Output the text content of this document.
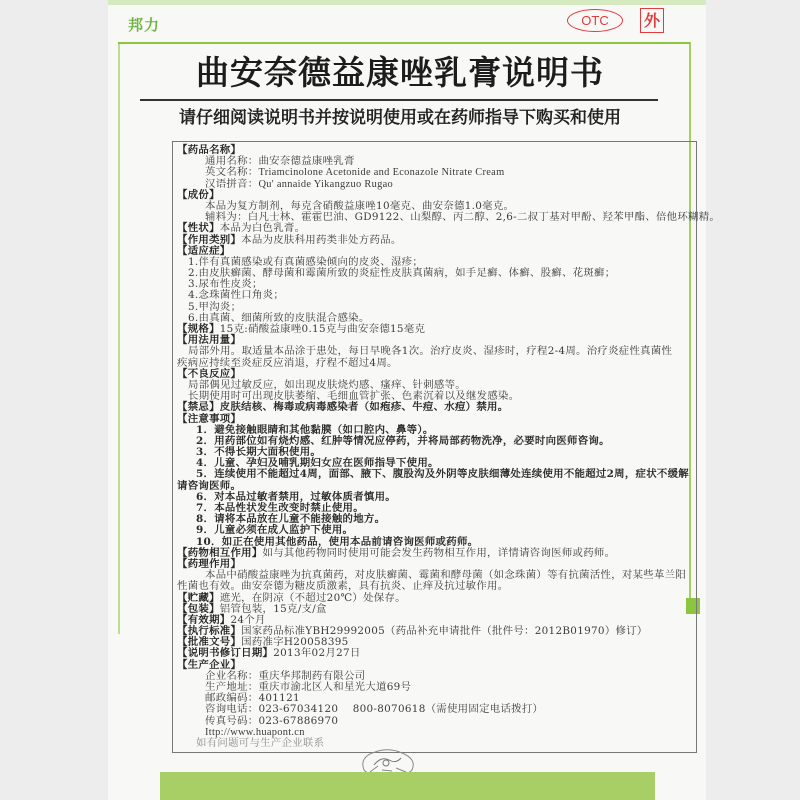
邦力	OTC	外
曲安奈德益康唑乳膏说明书
请仔细阅读说明书并按说明使用或在药师指导下购买和使用
【药品名称】
通用名称：曲安奈德益康唑乳膏
英文名称：Triamcinolone Acetonide and Econazole Nitrate Cream
汉语拼音：Qu' annaide Yikangzuo Rugao
【成份】
本品为复方制剂，每克含硝酸益康唑10毫克、曲安奈德1.0毫克。
辅料为：白凡士林、霍霍巴油、GD9122、山梨醇、丙二醇、2,6-二叔丁基对甲酚、羟苯甲酯、倍他环糊精。
【性状】本品为白色乳膏。
【作用类别】本品为皮肤科用药类非处方药品。
【适应症】
1.伴有真菌感染或有真菌感染倾向的皮炎、湿疹；
2.由皮肤癣菌、酵母菌和霉菌所致的炎症性皮肤真菌病，如手足癣、体癣、股癣、花斑癣；
3.尿布性皮炎；
4.念珠菌性口角炎；
5.甲沟炎；
6.由真菌、细菌所致的皮肤混合感染。
【规格】15克:硝酸益康唑0.15克与曲安奈德15毫克
【用法用量】
局部外用。取适量本品涂于患处，每日早晚各1次。治疗皮炎、湿疹时，疗程2-4周。治疗炎症性真菌性
疾病应持续至炎症反应消退，疗程不超过4周。
【不良反应】
局部偶见过敏反应，如出现皮肤烧灼感、瘙痒、针刺感等。
长期使用时可出现皮肤萎缩、毛细血管扩张、色素沉着以及继发感染。
【禁忌】皮肤结核、梅毒或病毒感染者（如疱疹、牛痘、水痘）禁用。
【注意事项】
1．避免接触眼睛和其他黏膜（如口腔内、鼻等）。
2．用药部位如有烧灼感、红肿等情况应停药，并将局部药物洗净，必要时向医师咨询。
3．不得长期大面积使用。
4．儿童、孕妇及哺乳期妇女应在医师指导下使用。
5．连续使用不能超过4周，面部、腋下、腹股沟及外阴等皮肤细薄处连续使用不能超过2周，症状不缓解
请咨询医师。
6．对本品过敏者禁用，过敏体质者慎用。
7．本品性状发生改变时禁止使用。
8．请将本品放在儿童不能接触的地方。
9．儿童必须在成人监护下使用。
10．如正在使用其他药品，使用本品前请咨询医师或药师。
【药物相互作用】如与其他药物同时使用可能会发生药物相互作用，详情请咨询医师或药师。
【药理作用】
本品中硝酸益康唑为抗真菌药，对皮肤癣菌、霉菌和酵母菌（如念珠菌）等有抗菌活性，对某些革兰阳
性菌也有效。曲安奈德为糖皮质激素，具有抗炎、止痒及抗过敏作用。
【贮藏】遮光，在阴凉（不超过20℃）处保存。
【包装】铝管包装，15克/支/盒
【有效期】24个月
【执行标准】国家药品标准YBH29992005（药品补充申请批件（批件号：2012B01970）修订）
【批准文号】国药准字H20058395
【说明书修订日期】2013年02月27日
【生产企业】
企业名称：重庆华邦制药有限公司
生产地址：重庆市渝北区人和星光大道69号
邮政编码：401121
咨询电话：023-67034120    800-8070618（需使用固定电话拨打）
传真号码：023-67886970
Ittp://www.huapont.cn
如有问题可与生产企业联系
